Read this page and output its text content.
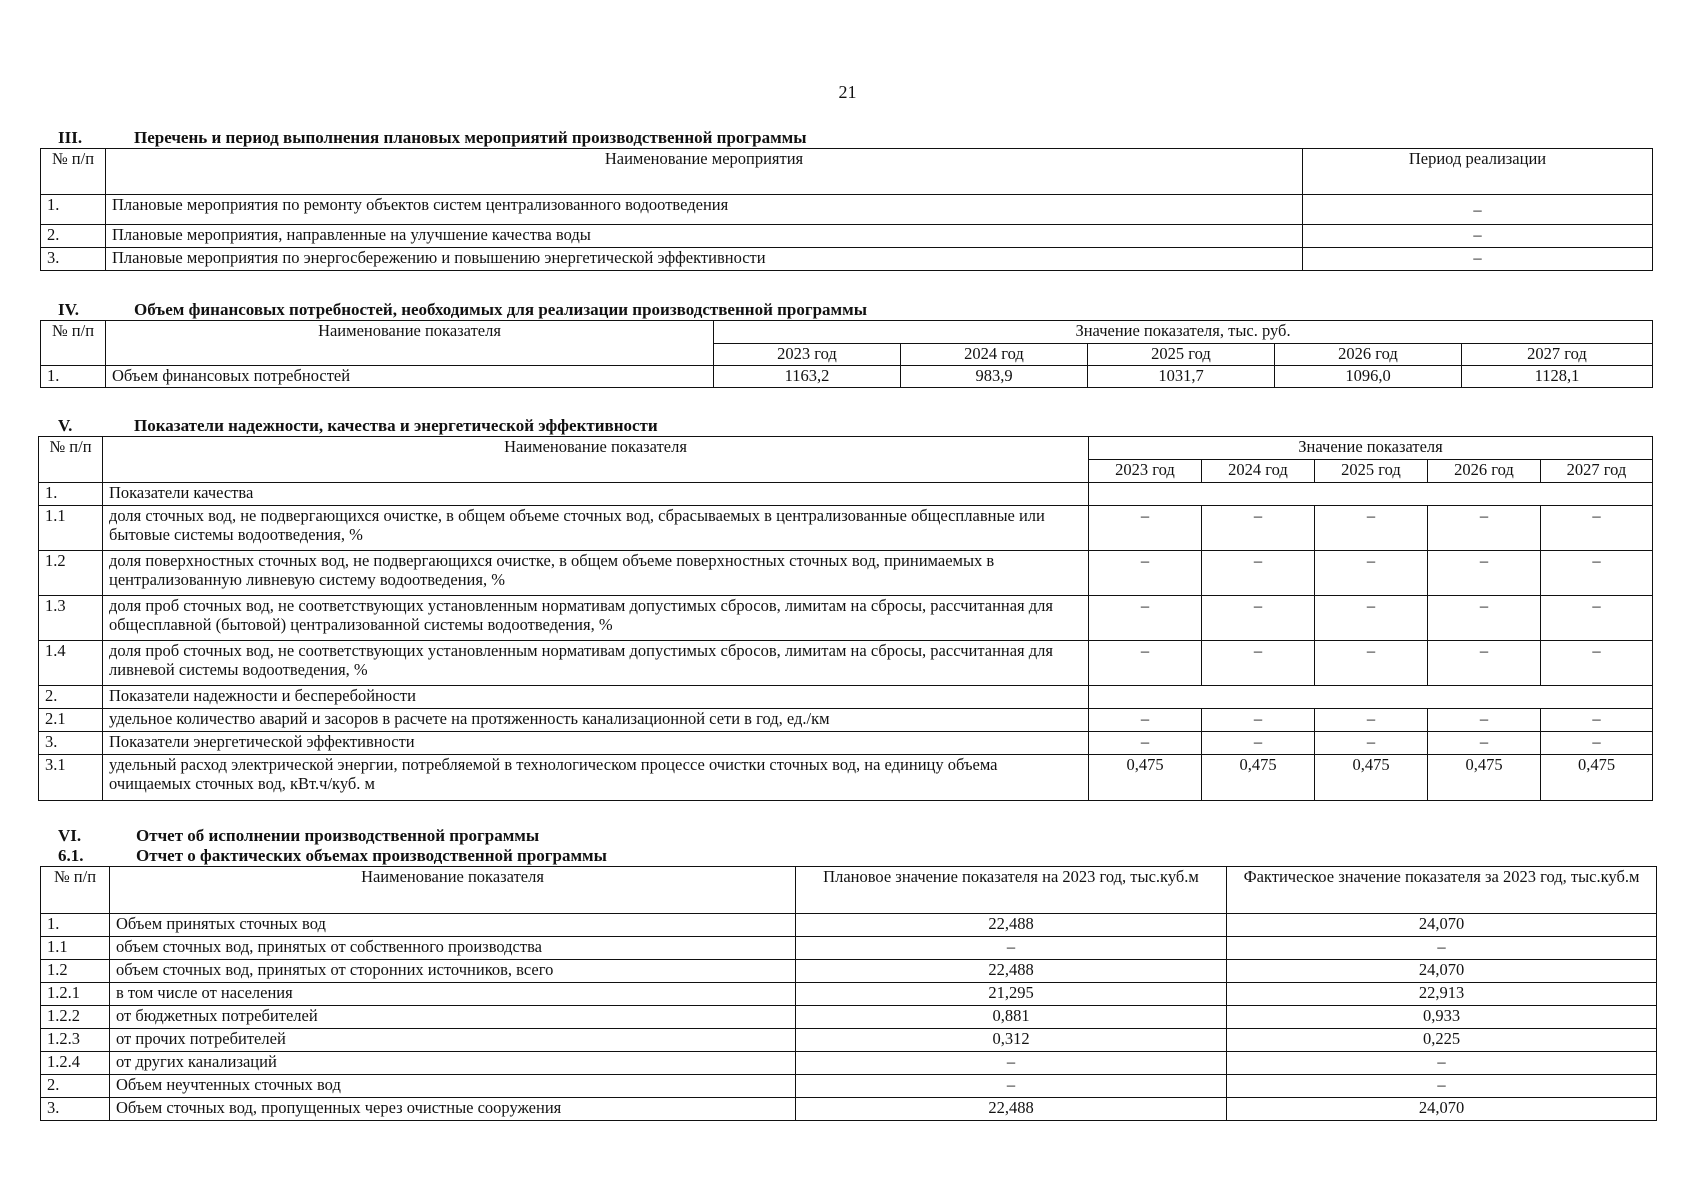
21
III.	Перечень и период выполнения плановых мероприятий производственной программы
№ п/п	Наименование мероприятия	Период реализации
1.	Плановые мероприятия по ремонту объектов систем централизованного водоотведения	–
2.	Плановые мероприятия, направленные на улучшение качества воды	–
3.	Плановые мероприятия по энергосбережению и повышению энергетической эффективности	–
IV.	Объем финансовых потребностей, необходимых для реализации производственной программы
№ п/п	Наименование показателя	Значение показателя, тыс. руб.				
		2023 год	2024 год	2025 год	2026 год	2027 год
1.	Объем финансовых потребностей	1163,2	983,9	1031,7	1096,0	1128,1
V.	Показатели надежности, качества и энергетической эффективности
№ п/п	Наименование показателя	Значение показателя				
		2023 год	2024 год	2025 год	2026 год	2027 год
1.	Показатели качества					
1.1	доля сточных вод, не подвергающихся очистке, в общем объеме сточных вод, сбрасываемых в централизованные общесплавные или бытовые системы водоотведения, %	–	–	–	–	–
1.2	доля поверхностных сточных вод, не подвергающихся очистке, в общем объеме поверхностных сточных вод, принимаемых в централизованную ливневую систему водоотведения, %	–	–	–	–	–
1.3	доля проб сточных вод, не соответствующих установленным нормативам допустимых сбросов, лимитам на сбросы, рассчитанная для общесплавной (бытовой) централизованной системы водоотведения, %	–	–	–	–	–
1.4	доля проб сточных вод, не соответствующих установленным нормативам допустимых сбросов, лимитам на сбросы, рассчитанная для ливневой системы водоотведения, %	–	–	–	–	–
2.	Показатели надежности и бесперебойности					
2.1	удельное количество аварий и засоров в расчете на протяженность канализационной сети в год, ед./км	–	–	–	–	–
3.	Показатели энергетической эффективности	–	–	–	–	–
3.1	удельный расход электрической энергии, потребляемой в технологическом процессе очистки сточных вод, на единицу объема очищаемых сточных вод, кВт.ч/куб. м	0,475	0,475	0,475	0,475	0,475
VI.	Отчет об исполнении производственной программы
6.1.	Отчет о фактических объемах производственной программы
№ п/п	Наименование показателя	Плановое значение показателя на 2023 год, тыс.куб.м	Фактическое значение показателя за 2023 год, тыс.куб.м
1.	Объем принятых сточных вод	22,488	24,070
1.1	объем сточных вод, принятых от собственного производства	–	–
1.2	объем сточных вод, принятых от сторонних источников, всего	22,488	24,070
1.2.1	в том числе от населения	21,295	22,913
1.2.2	от бюджетных потребителей	0,881	0,933
1.2.3	от прочих потребителей	0,312	0,225
1.2.4	от других канализаций	–	–
2.	Объем неучтенных сточных вод	–	–
3.	Объем сточных вод, пропущенных через очистные сооружения	22,488	24,070
